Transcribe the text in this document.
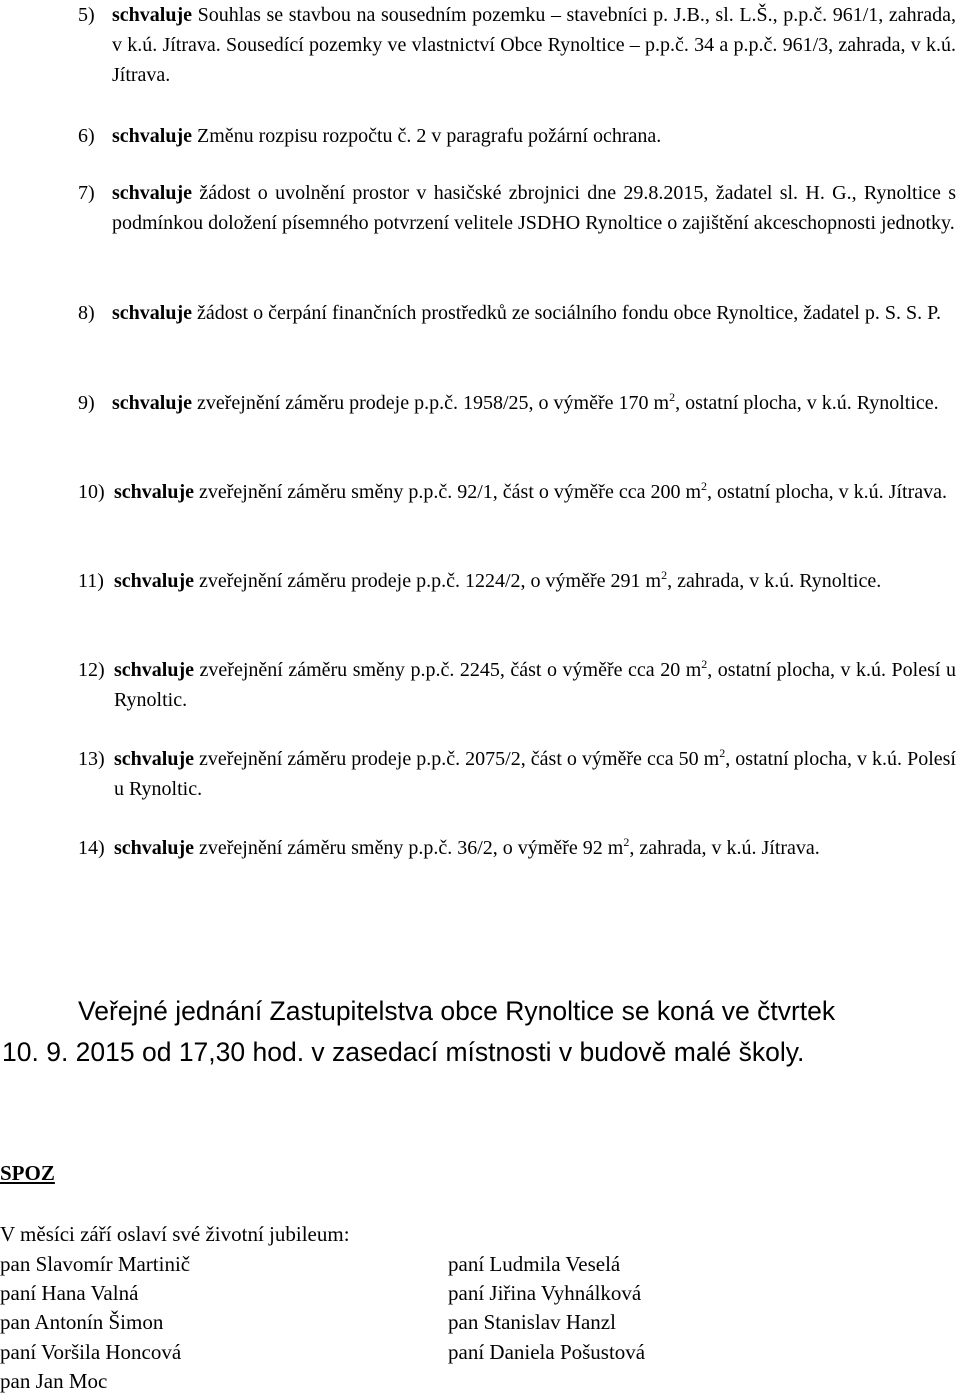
5) schvaluje Souhlas se stavbou na sousedním pozemku – stavebníci p. J.B., sl. L.Š., p.p.č. 961/1, zahrada, v k.ú. Jítrava. Sousedící pozemky ve vlastnictví Obce Rynoltice – p.p.č. 34 a p.p.č. 961/3, zahrada, v k.ú. Jítrava.
6) schvaluje Změnu rozpisu rozpočtu č. 2 v paragrafu požární ochrana.
7) schvaluje žádost o uvolnění prostor v hasičské zbrojnici dne 29.8.2015, žadatel sl. H. G., Rynoltice s podmínkou doložení písemného potvrzení velitele JSDHO Rynoltice o zajištění akceschopnosti jednotky.
8) schvaluje žádost o čerpání finančních prostředků ze sociálního fondu obce Rynoltice, žadatel p. S. S. P.
9) schvaluje zveřejnění záměru prodeje p.p.č. 1958/25, o výměře 170 $m^2$, ostatní plocha, v k.ú. Rynoltice.
10) schvaluje zveřejnění záměru směny p.p.č. 92/1, část o výměře cca 200 $m^2$, ostatní plocha, v k.ú. Jítrava.
11) schvaluje zveřejnění záměru prodeje p.p.č. 1224/2, o výměře 291 $m^2$, zahrada, v k.ú. Rynoltice.
12) schvaluje zveřejnění záměru směny p.p.č. 2245, část o výměře cca 20 $m^2$, ostatní plocha, v k.ú. Polesí u Rynoltic.
13) schvaluje zveřejnění záměru prodeje p.p.č. 2075/2, část o výměře cca 50 $m^2$, ostatní plocha, v k.ú. Polesí u Rynoltic.
14) schvaluje zveřejnění záměru směny p.p.č. 36/2, o výměře 92 $m^2$, zahrada, v k.ú. Jítrava.
Veřejné jednání Zastupitelstva obce Rynoltice se koná ve čtvrtek
10. 9. 2015 od 17,30 hod. v zasedací místnosti v budově malé školy.
SPOZ
V měsíci září oslaví své životní jubileum:
pan Slavomír Martinič
paní Hana Valná
pan Antonín Šimon
paní Voršila Honcová
pan Jan Moc
paní Ludmila Veselá
paní Jiřina Vyhnálková
pan Stanislav Hanzl
paní Daniela Pošustová
